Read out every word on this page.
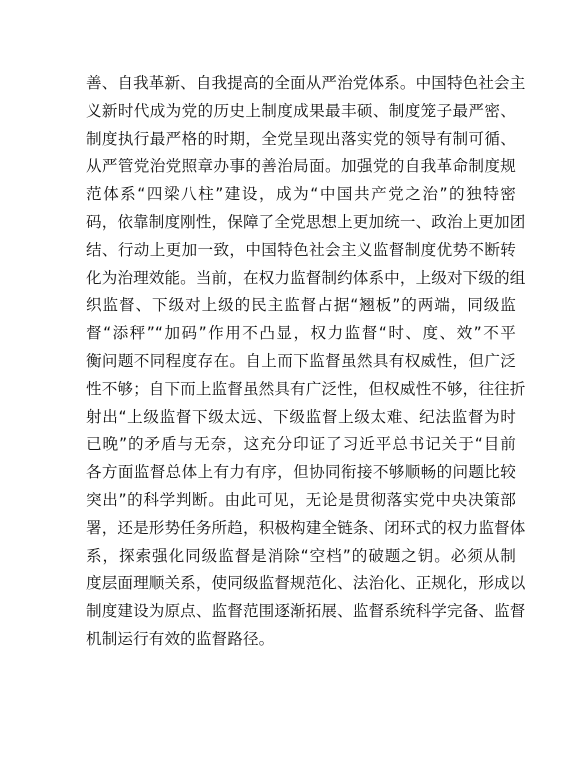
善、自我革新、自我提高的全面从严治党体系。中国特色社会主
义新时代成为党的历史上制度成果最丰硕、制度笼子最严密、
制度执行最严格的时期，全党呈现出落实党的领导有制可循、
从严管党治党照章办事的善治局面。加强党的自我革命制度规
范体系“四梁八柱”建设，成为“中国共产党之治”的独特密
码，依靠制度刚性，保障了全党思想上更加统一、政治上更加团
结、行动上更加一致，中国特色社会主义监督制度优势不断转
化为治理效能。当前，在权力监督制约体系中，上级对下级的组
织监督、下级对上级的民主监督占据“翘板”的两端，同级监
督“添秤”“加码”作用不凸显，权力监督“时、度、效”不平
衡问题不同程度存在。自上而下监督虽然具有权威性，但广泛
性不够；自下而上监督虽然具有广泛性，但权威性不够，往往折
射出“上级监督下级太远、下级监督上级太难、纪法监督为时
已晚”的矛盾与无奈，这充分印证了习近平总书记关于“目前
各方面监督总体上有力有序，但协同衔接不够顺畅的问题比较
突出”的科学判断。由此可见，无论是贯彻落实党中央决策部
署，还是形势任务所趋，积极构建全链条、闭环式的权力监督体
系，探索强化同级监督是消除“空档”的破题之钥。必须从制
度层面理顺关系，使同级监督规范化、法治化、正规化，形成以
制度建设为原点、监督范围逐渐拓展、监督系统科学完备、监督
机制运行有效的监督路径。
